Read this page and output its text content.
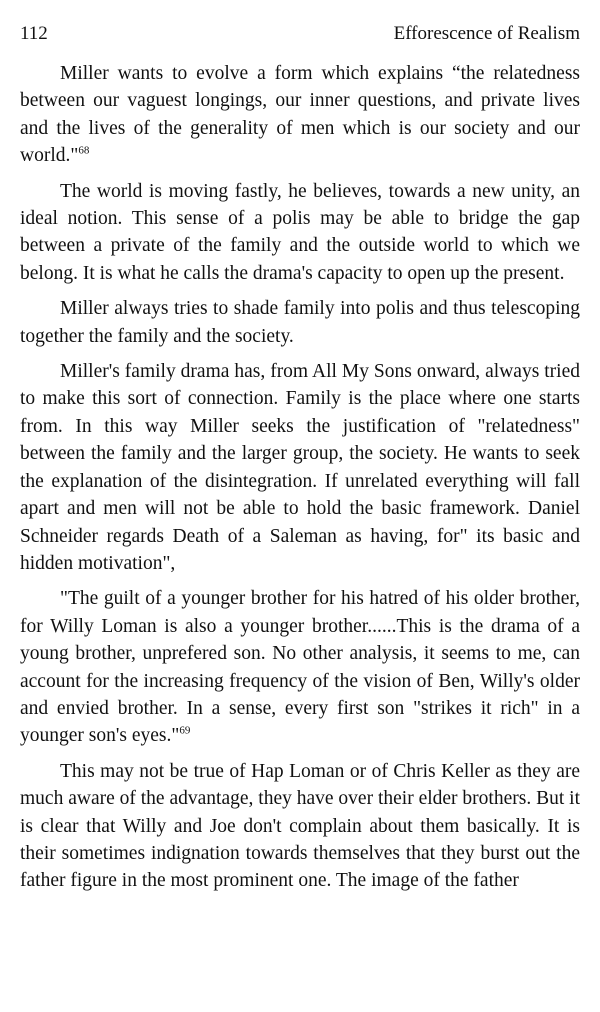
112	Efforescence of Realism

Miller wants to evolve a form which explains “the relatedness between our vaguest longings, our inner questions, and private lives and the lives of the generality of men which is our society and our world."$^{68}$

The world is moving fastly, he believes, towards a new unity, an ideal notion. This sense of a polis may be able to bridge the gap between a private of the family and the outside world to which we belong. It is what he calls the drama's capacity to open up the present.

Miller always tries to shade family into polis and thus telescoping together the family and the society.

Miller's family drama has, from All My Sons onward, always tried to make this sort of connection. Family is the place where one starts from. In this way Miller seeks the justification of "relatedness" between the family and the larger group, the society. He wants to seek the explanation of the disintegration. If unrelated everything will fall apart and men will not be able to hold the basic framework. Daniel Schneider regards Death of a Saleman as having, for" its basic and hidden motivation",

"The guilt of a younger brother for his hatred of his older brother, for Willy Loman is also a younger brother......This is the drama of a young brother, unprefered son. No other analysis, it seems to me, can account for the increasing frequency of the vision of Ben, Willy's older and envied brother. In a sense, every first son "strikes it rich" in a younger son's eyes."$^{69}$

This may not be true of Hap Loman or of Chris Keller as they are much aware of the advantage, they have over their elder brothers. But it is clear that Willy and Joe don't complain about them basically. It is their sometimes indignation towards themselves that they burst out the father figure in the most prominent one. The image of the father
